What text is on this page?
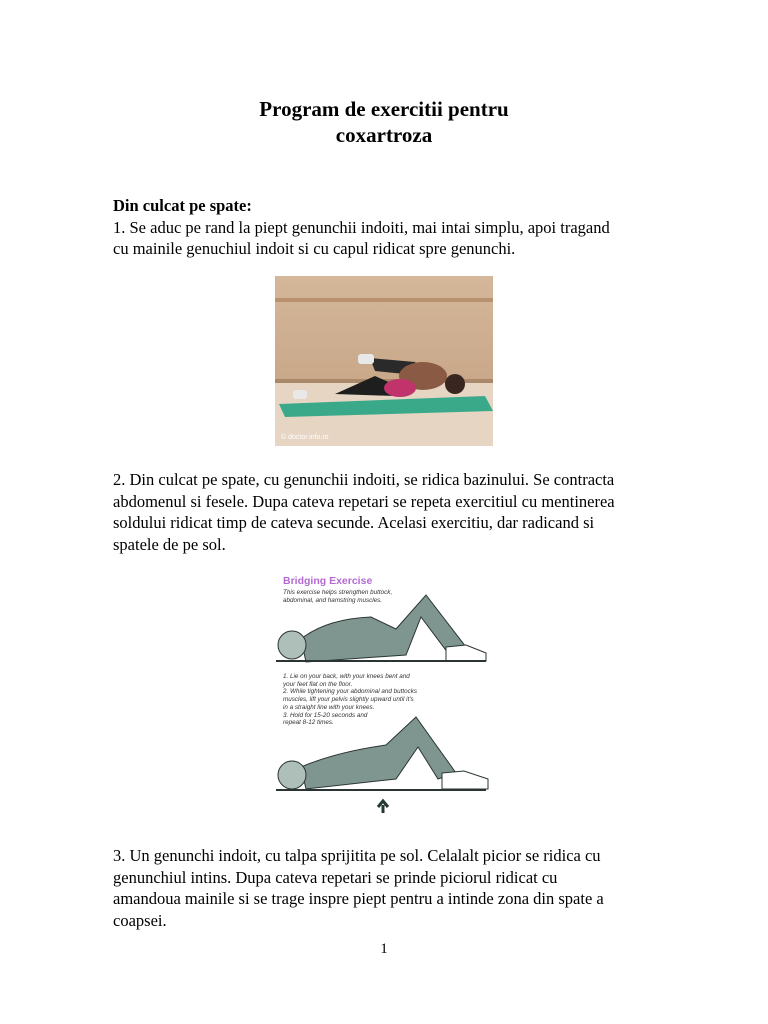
Program de exercitii pentru
coxartroza
Din culcat pe spate:
1. Se aduc pe rand la piept genunchii indoiti, mai intai simplu, apoi tragand
cu mainile genuchiul indoit si cu capul ridicat spre genunchi.
© doctor.info.ro
2. Din culcat pe spate, cu genunchii indoiti, se ridica bazinului. Se contracta
abdomenul si fesele. Dupa cateva repetari se repeta exercitiul cu mentinerea
soldului ridicat timp de cateva secunde. Acelasi exercitiu, dar radicand si
spatele de pe sol.
Bridging Exercise
This exercise helps strengthen buttock,
abdominal, and hamstring muscles.
1. Lie on your back, with your knees bent and
your feet flat on the floor.
2. While tightening your abdominal and buttocks
muscles, lift your pelvis slightly upward until it's
in a straight line with your knees.
3. Hold for 15-20 seconds and
repeat 8-12 times.
3. Un genunchi indoit, cu talpa sprijitita pe sol. Celalalt picior se ridica cu
genunchiul intins. Dupa cateva repetari se prinde piciorul ridicat cu
amandoua mainile si se trage inspre piept pentru a intinde zona din spate a
coapsei.
1
